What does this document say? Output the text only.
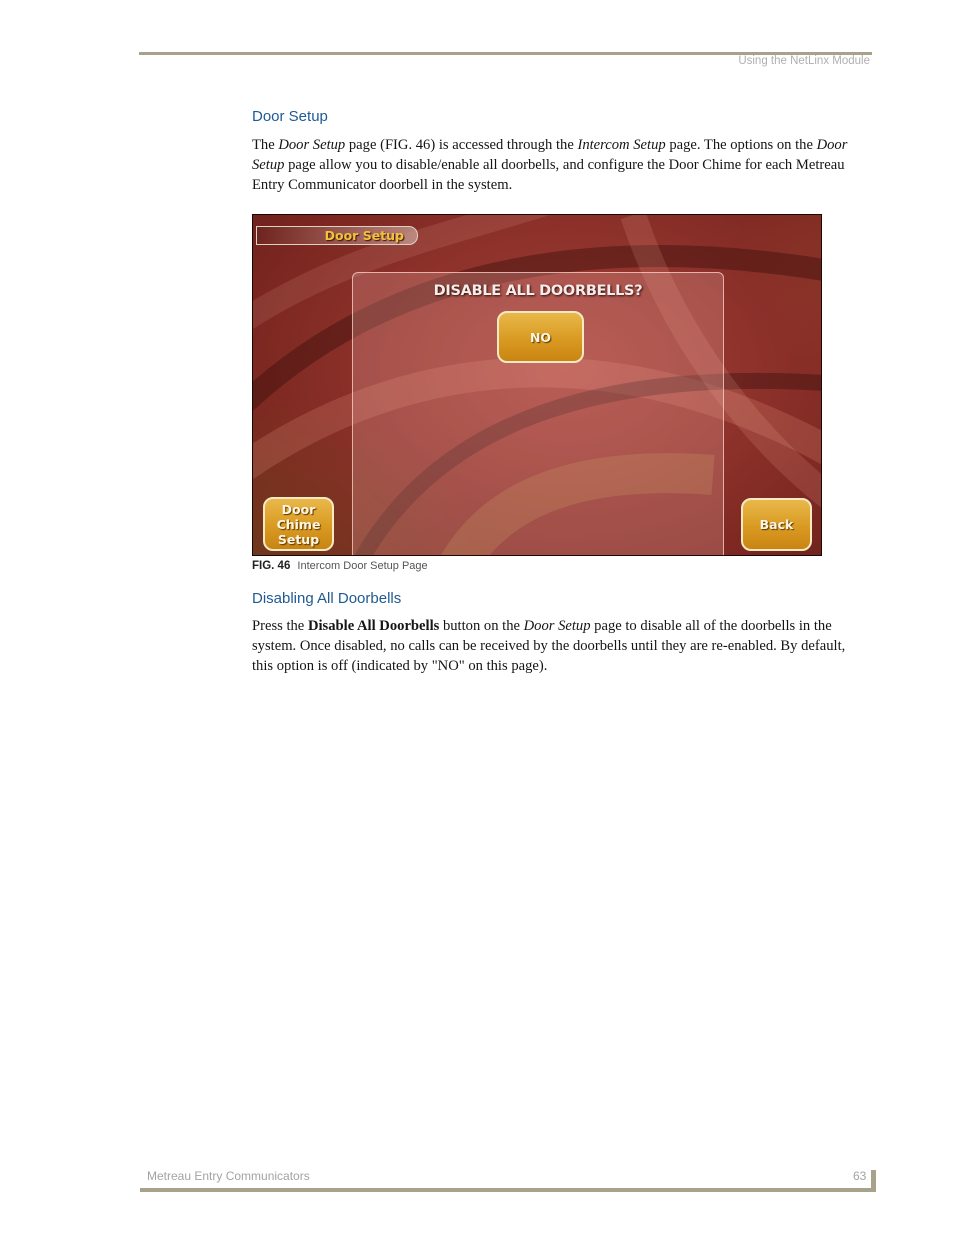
Using the NetLinx Module
Door Setup

The Door Setup page (FIG. 46) is accessed through the Intercom Setup page. The options on the Door Setup page allow you to disable/enable all doorbells, and configure the Door Chime for each Metreau Entry Communicator doorbell in the system.

Door Setup
DISABLE ALL DOORBELLS?
NO
Door
Chime
Setup
Back
FIG. 46 Intercom Door Setup Page
Disabling All Doorbells

Press the Disable All Doorbells button on the Door Setup page to disable all of the doorbells in the system. Once disabled, no calls can be received by the doorbells until they are re-enabled. By default, this option is off (indicated by "NO" on this page).

Metreau Entry Communicators	63
